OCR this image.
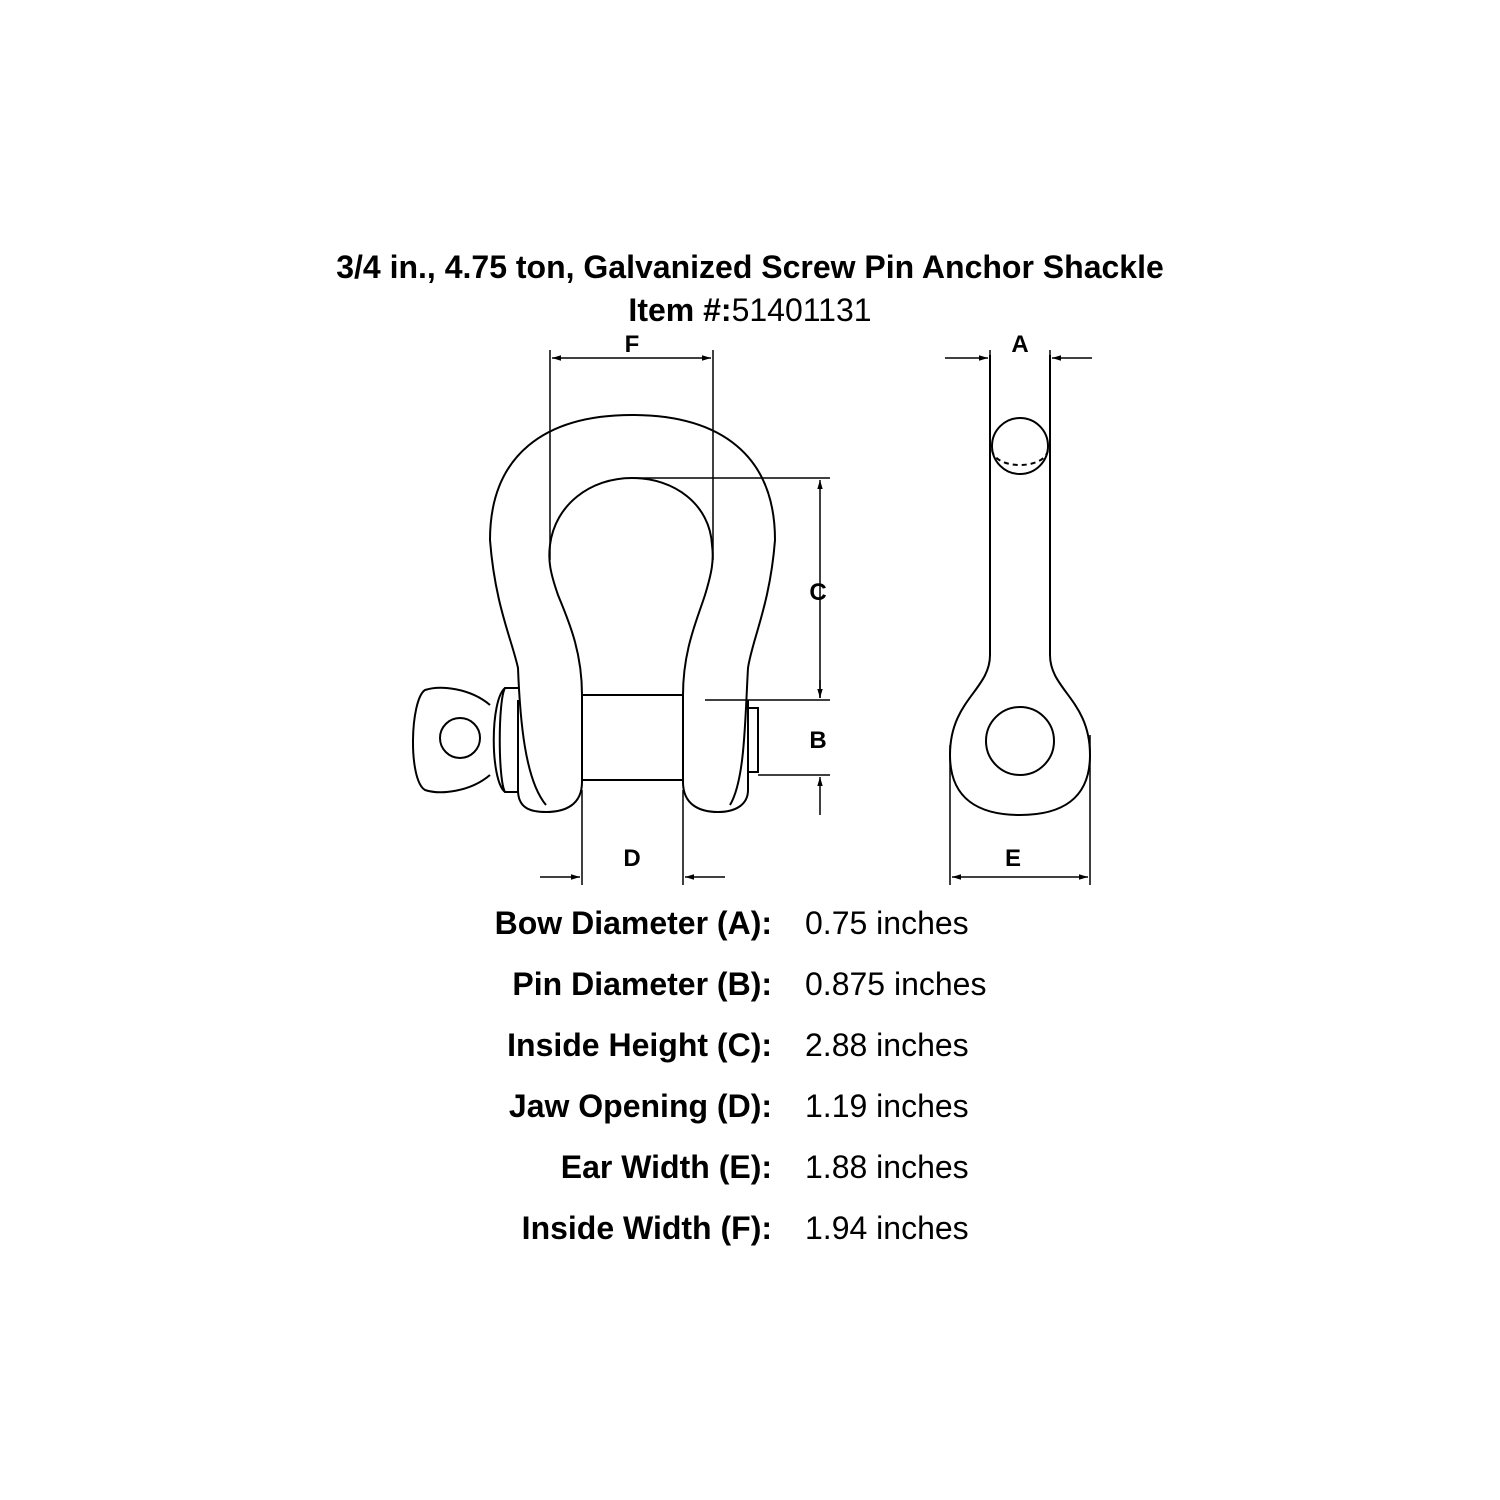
3/4 in., 4.75 ton, Galvanized Screw Pin Anchor Shackle
Item #:51401131
F	A
C
B
D	E
Bow Diameter (A): 0.75 inches
Pin Diameter (B): 0.875 inches
Inside Height (C): 2.88 inches
Jaw Opening (D): 1.19 inches
Ear Width (E): 1.88 inches
Inside Width (F): 1.94 inches
